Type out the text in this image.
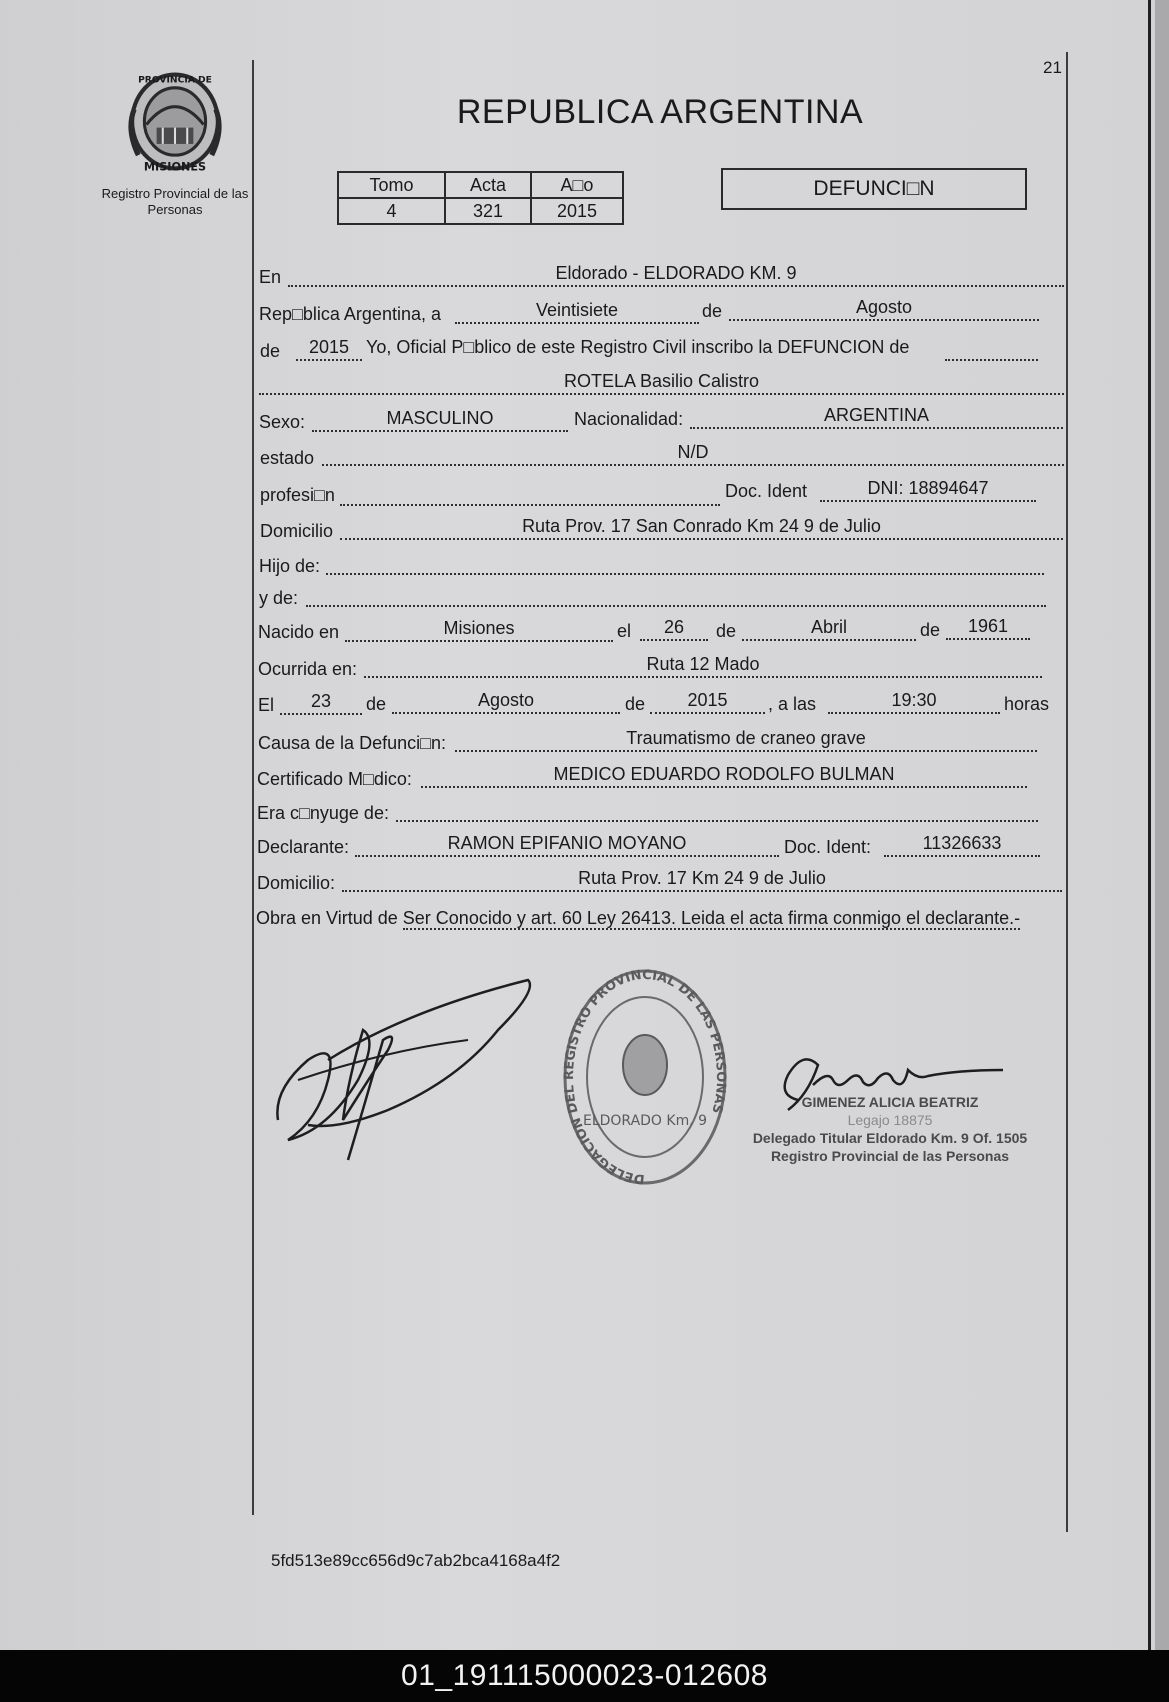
21
PROVINCIA DE
MISIONES
Registro Provincial de las Personas
REPUBLICA ARGENTINA
Tomo	Acta	A□o
4	321	2015
DEFUNCI□N
En	Eldorado - ELDORADO KM. 9
Rep□blica Argentina, a	Veintisiete	de	Agosto
de	2015 Yo, Oficial P□blico de este Registro Civil inscribo la DEFUNCION de
ROTELA Basilio Calistro
Sexo:	MASCULINO	Nacionalidad:	ARGENTINA
estado	N/D
profesi□n	Doc. Ident	DNI: 18894647
Domicilio	Ruta Prov. 17 San Conrado Km 24 9 de Julio
Hijo de:
y de:
Nacido en	Misiones	el	26	de	Abril	de	1961
Ocurrida en:	Ruta 12 Mado
El	23	de	Agosto	de	2015	, a las	19:30	horas
Causa de la Defunci□n:	Traumatismo de craneo grave
Certificado M□dico:	MEDICO EDUARDO RODOLFO BULMAN
Era c□nyuge de:
Declarante:	RAMON EPIFANIO MOYANO	Doc. Ident:	11326633
Domicilio:	Ruta Prov. 17 Km 24 9 de Julio
Obra en Virtud de Ser Conocido y art. 60 Ley 26413. Leida el acta firma conmigo el declarante.-
DELEGACION DEL REGISTRO PROVINCIAL DE LAS PERSONAS
ELDORADO Km. 9
GIMENEZ ALICIA BEATRIZ
Legajo 18875
Delegado Titular Eldorado Km. 9 Of. 1505
Registro Provincial de las Personas
5fd513e89cc656d9c7ab2bca4168a4f2
01_191115000023-012608
